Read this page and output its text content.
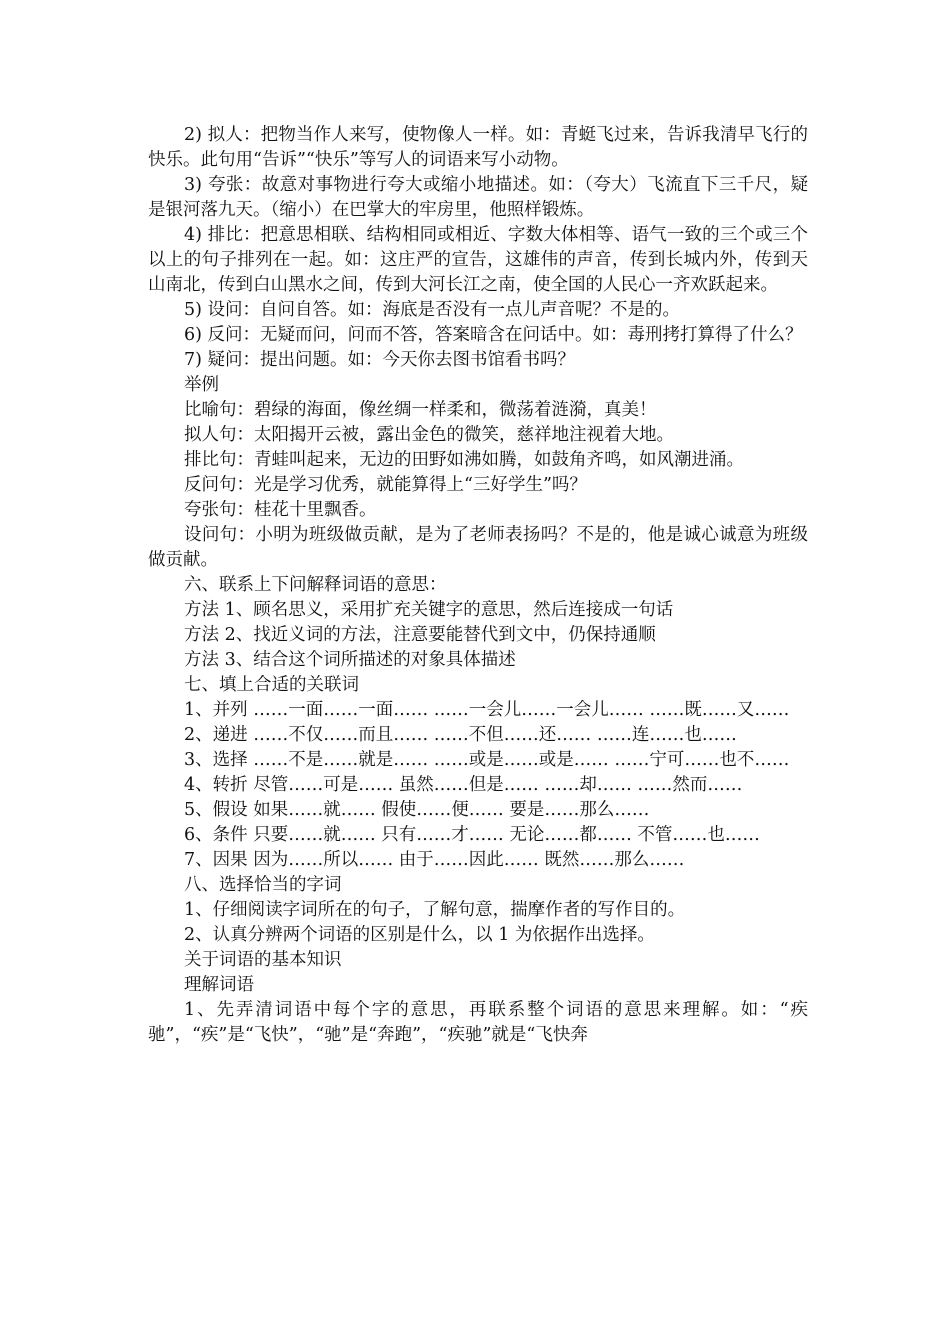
2) 拟人：把物当作人来写，使物像人一样。如：青蜓飞过来，告诉我清早飞行的快乐。此句用“告诉”“快乐”等写人的词语来写小动物。

3) 夸张：故意对事物进行夸大或缩小地描述。如：（夸大）飞流直下三千尺，疑是银河落九天。（缩小）在巴掌大的牢房里，他照样锻炼。

4) 排比：把意思相联、结构相同或相近、字数大体相等、语气一致的三个或三个以上的句子排列在一起。如：这庄严的宣告，这雄伟的声音，传到长城内外，传到天山南北，传到白山黑水之间，传到大河长江之南，使全国的人民心一齐欢跃起来。

5) 设问：自问自答。如：海底是否没有一点儿声音呢？不是的。

6) 反问：无疑而问，问而不答，答案暗含在问话中。如：毒刑拷打算得了什么？

7) 疑问：提出问题。如：今天你去图书馆看书吗？

举例

比喻句：碧绿的海面，像丝绸一样柔和，微荡着涟漪，真美！

拟人句：太阳揭开云被，露出金色的微笑，慈祥地注视着大地。

排比句：青蛙叫起来，无边的田野如沸如腾，如鼓角齐鸣，如风潮进涌。

反问句：光是学习优秀，就能算得上“三好学生”吗？

夸张句：桂花十里飘香。

设问句：小明为班级做贡献，是为了老师表扬吗？不是的，他是诚心诚意为班级做贡献。

六、联系上下问解释词语的意思：

方法 1、顾名思义，采用扩充关键字的意思，然后连接成一句话

方法 2、找近义词的方法，注意要能替代到文中，仍保持通顺

方法 3、结合这个词所描述的对象具体描述

七、填上合适的关联词

1、并列 ……一面……一面…… ……一会儿……一会儿…… ……既……又……

2、递进 ……不仅……而且…… ……不但……还…… ……连……也……

3、选择 ……不是……就是…… ……或是……或是…… ……宁可……也不……

4、转折 尽管……可是…… 虽然……但是…… ……却…… ……然而……

5、假设 如果……就…… 假使……便…… 要是……那么……

6、条件 只要……就…… 只有……才…… 无论……都…… 不管……也……

7、因果 因为……所以…… 由于……因此…… 既然……那么……

八、选择恰当的字词

1、仔细阅读字词所在的句子，了解句意，揣摩作者的写作目的。

2、认真分辨两个词语的区别是什么，以 1 为依据作出选择。

关于词语的基本知识

理解词语

1、先弄清词语中每个字的意思，再联系整个词语的意思来理解。如：“疾驰”，“疾”是“飞快”，“驰”是“奔跑”，“疾驰”就是“飞快奔
